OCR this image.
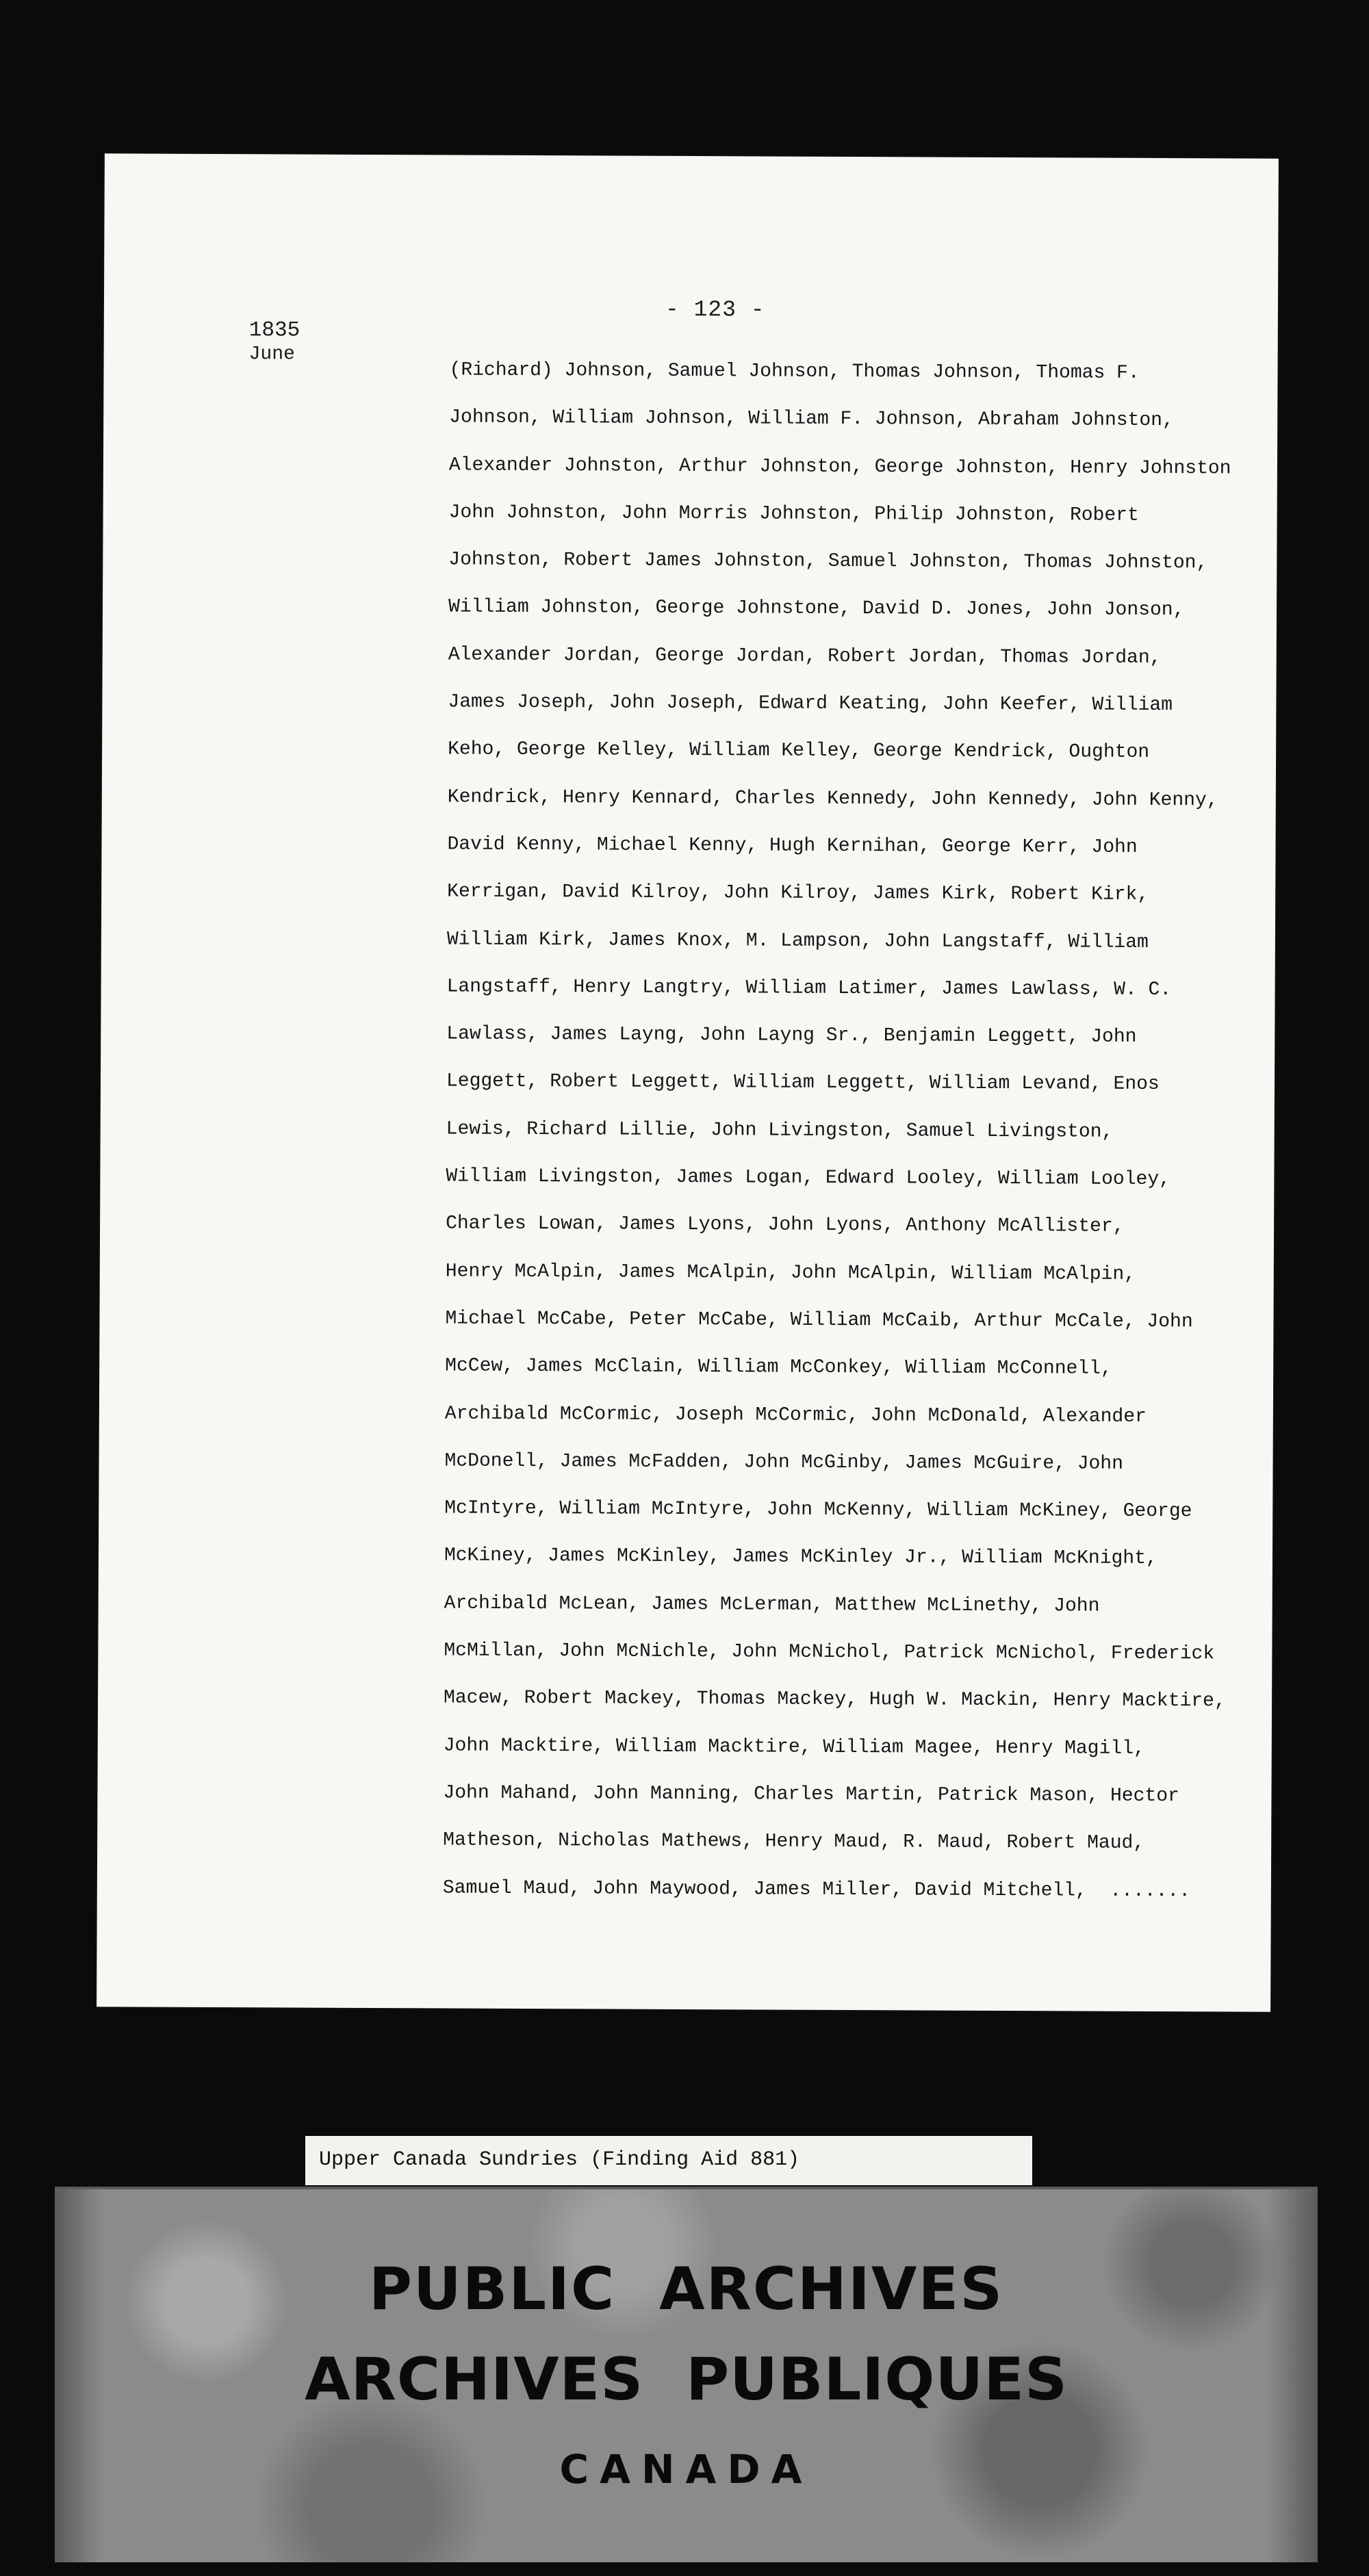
- 123 -
1835
June
(Richard) Johnson, Samuel Johnson, Thomas Johnson, Thomas F.
Johnson, William Johnson, William F. Johnson, Abraham Johnston,
Alexander Johnston, Arthur Johnston, George Johnston, Henry Johnston
John Johnston, John Morris Johnston, Philip Johnston, Robert
Johnston, Robert James Johnston, Samuel Johnston, Thomas Johnston,
William Johnston, George Johnstone, David D. Jones, John Jonson,
Alexander Jordan, George Jordan, Robert Jordan, Thomas Jordan,
James Joseph, John Joseph, Edward Keating, John Keefer, William
Keho, George Kelley, William Kelley, George Kendrick, Oughton
Kendrick, Henry Kennard, Charles Kennedy, John Kennedy, John Kenny,
David Kenny, Michael Kenny, Hugh Kernihan, George Kerr, John
Kerrigan, David Kilroy, John Kilroy, James Kirk, Robert Kirk,
William Kirk, James Knox, M. Lampson, John Langstaff, William
Langstaff, Henry Langtry, William Latimer, James Lawlass, W. C.
Lawlass, James Layng, John Layng Sr., Benjamin Leggett, John
Leggett, Robert Leggett, William Leggett, William Levand, Enos
Lewis, Richard Lillie, John Livingston, Samuel Livingston,
William Livingston, James Logan, Edward Looley, William Looley,
Charles Lowan, James Lyons, John Lyons, Anthony McAllister,
Henry McAlpin, James McAlpin, John McAlpin, William McAlpin,
Michael McCabe, Peter McCabe, William McCaib, Arthur McCale, John
McCew, James McClain, William McConkey, William McConnell,
Archibald McCormic, Joseph McCormic, John McDonald, Alexander
McDonell, James McFadden, John McGinby, James McGuire, John
McIntyre, William McIntyre, John McKenny, William McKiney, George
McKiney, James McKinley, James McKinley Jr., William McKnight,
Archibald McLean, James McLerman, Matthew McLinethy, John
McMillan, John McNichle, John McNichol, Patrick McNichol, Frederick
Macew, Robert Mackey, Thomas Mackey, Hugh W. Mackin, Henry Macktire,
John Macktire, William Macktire, William Magee, Henry Magill,
John Mahand, John Manning, Charles Martin, Patrick Mason, Hector
Matheson, Nicholas Mathews, Henry Maud, R. Maud, Robert Maud,
Samuel Maud, John Maywood, James Miller, David Mitchell,  .......
Upper Canada Sundries (Finding Aid 881)
PUBLIC  ARCHIVES
ARCHIVES  PUBLIQUES
CANADA
